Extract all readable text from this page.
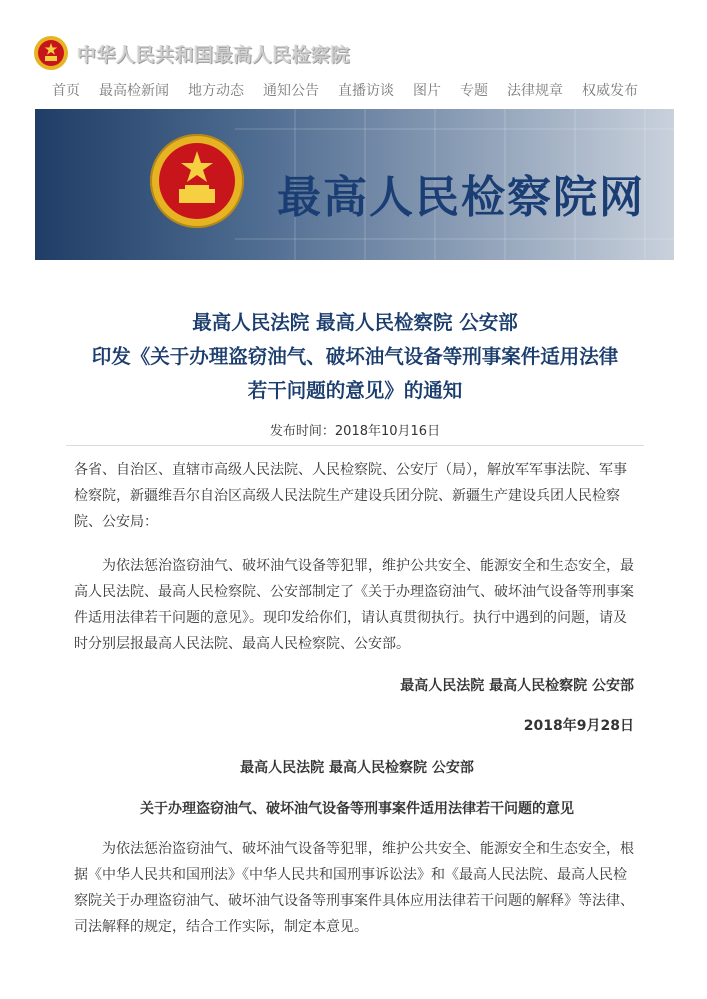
中华人民共和国最高人民检察院
首页 最高检新闻 地方动态 通知公告 直播访谈 图片 专题 法律规章 权威发布
最高人民检察院网
最高人民法院 最高人民检察院 公安部
印发《关于办理盗窃油气、破坏油气设备等刑事案件适用法律
若干问题的意见》的通知
发布时间：2018年10月16日

各省、自治区、直辖市高级人民法院、人民检察院、公安厅（局），解放军军事法院、军事检察院，新疆维吾尔自治区高级人民法院生产建设兵团分院、新疆生产建设兵团人民检察院、公安局：

为依法惩治盗窃油气、破坏油气设备等犯罪，维护公共安全、能源安全和生态安全，最高人民法院、最高人民检察院、公安部制定了《关于办理盗窃油气、破坏油气设备等刑事案件适用法律若干问题的意见》。现印发给你们，请认真贯彻执行。执行中遇到的问题，请及时分别层报最高人民法院、最高人民检察院、公安部。

最高人民法院 最高人民检察院 公安部

2018年9月28日

最高人民法院 最高人民检察院 公安部

关于办理盗窃油气、破坏油气设备等刑事案件适用法律若干问题的意见

为依法惩治盗窃油气、破坏油气设备等犯罪，维护公共安全、能源安全和生态安全，根据《中华人民共和国刑法》《中华人民共和国刑事诉讼法》和《最高人民法院、最高人民检察院关于办理盗窃油气、破坏油气设备等刑事案件具体应用法律若干问题的解释》等法律、司法解释的规定，结合工作实际，制定本意见。
